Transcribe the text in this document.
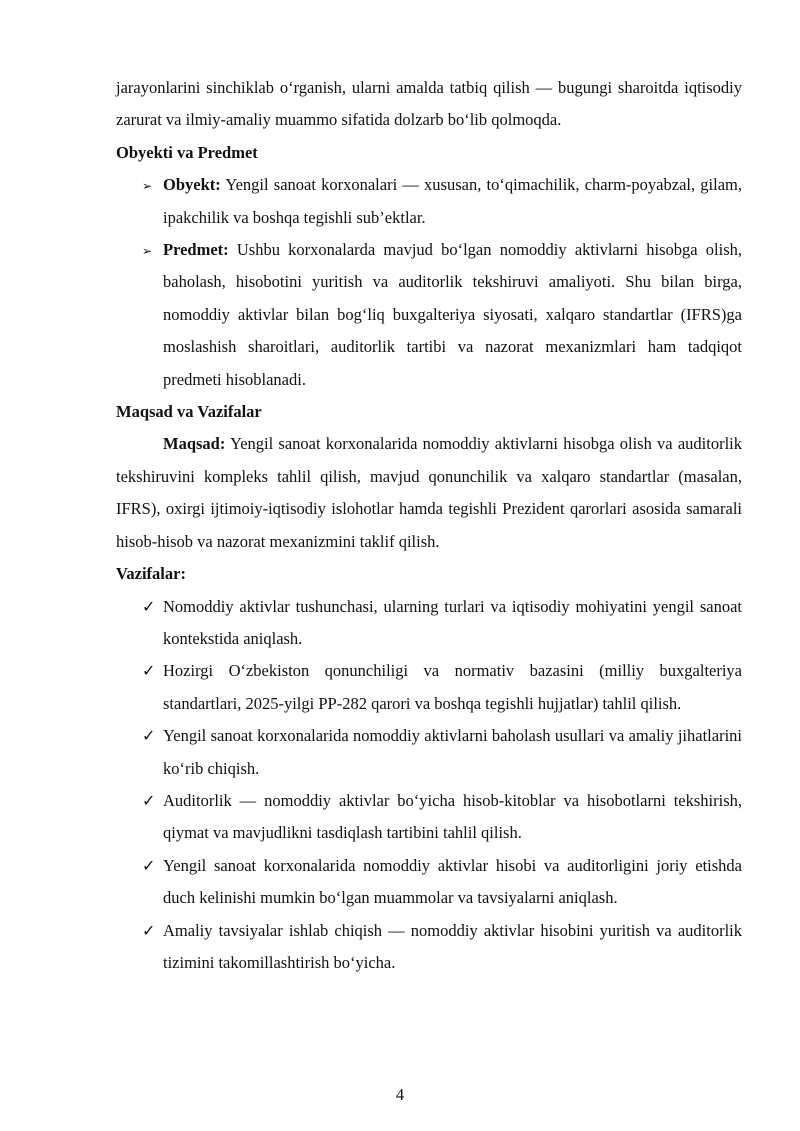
jarayonlarini sinchiklab o‘rganish, ularni amalda tatbiq qilish — bugungi sharoitda iqtisodiy zarurat va ilmiy-amaliy muammo sifatida dolzarb bo‘lib qolmoqda.

Obyekti va Predmet
➢ Obyekt: Yengil sanoat korxonalari — xususan, to‘qimachilik, charm-poyabzal, gilam, ipakchilik va boshqa tegishli sub’ektlar.
➢ Predmet: Ushbu korxonalarda mavjud bo‘lgan nomoddiy aktivlarni hisobga olish, baholash, hisobotini yuritish va auditorlik tekshiruvi amaliyoti. Shu bilan birga, nomoddiy aktivlar bilan bog‘liq buxgalteriya siyosati, xalqaro standartlar (IFRS)ga moslashish sharoitlari, auditorlik tartibi va nazorat mexanizmlari ham tadqiqot predmeti hisoblanadi.
Maqsad va Vazifalar

Maqsad: Yengil sanoat korxonalarida nomoddiy aktivlarni hisobga olish va auditorlik tekshiruvini kompleks tahlil qilish, mavjud qonunchilik va xalqaro standartlar (masalan, IFRS), oxirgi ijtimoiy-iqtisodiy islohotlar hamda tegishli Prezident qarorlari asosida samarali hisob-hisob va nazorat mexanizmini taklif qilish.

Vazifalar:
✓ Nomoddiy aktivlar tushunchasi, ularning turlari va iqtisodiy mohiyatini yengil sanoat kontekstida aniqlash.
✓ Hozirgi O‘zbekiston qonunchiligi va normativ bazasini (milliy buxgalteriya standartlari, 2025-yilgi PP-282 qarori va boshqa tegishli hujjatlar) tahlil qilish.
✓ Yengil sanoat korxonalarida nomoddiy aktivlarni baholash usullari va amaliy jihatlarini ko‘rib chiqish.
✓ Auditorlik — nomoddiy aktivlar bo‘yicha hisob-kitoblar va hisobotlarni tekshirish, qiymat va mavjudlikni tasdiqlash tartibini tahlil qilish.
✓ Yengil sanoat korxonalarida nomoddiy aktivlar hisobi va auditorligini joriy etishda duch kelinishi mumkin bo‘lgan muammolar va tavsiyalarni aniqlash.
✓ Amaliy tavsiyalar ishlab chiqish — nomoddiy aktivlar hisobini yuritish va auditorlik tizimini takomillashtirish bo‘yicha.
4
